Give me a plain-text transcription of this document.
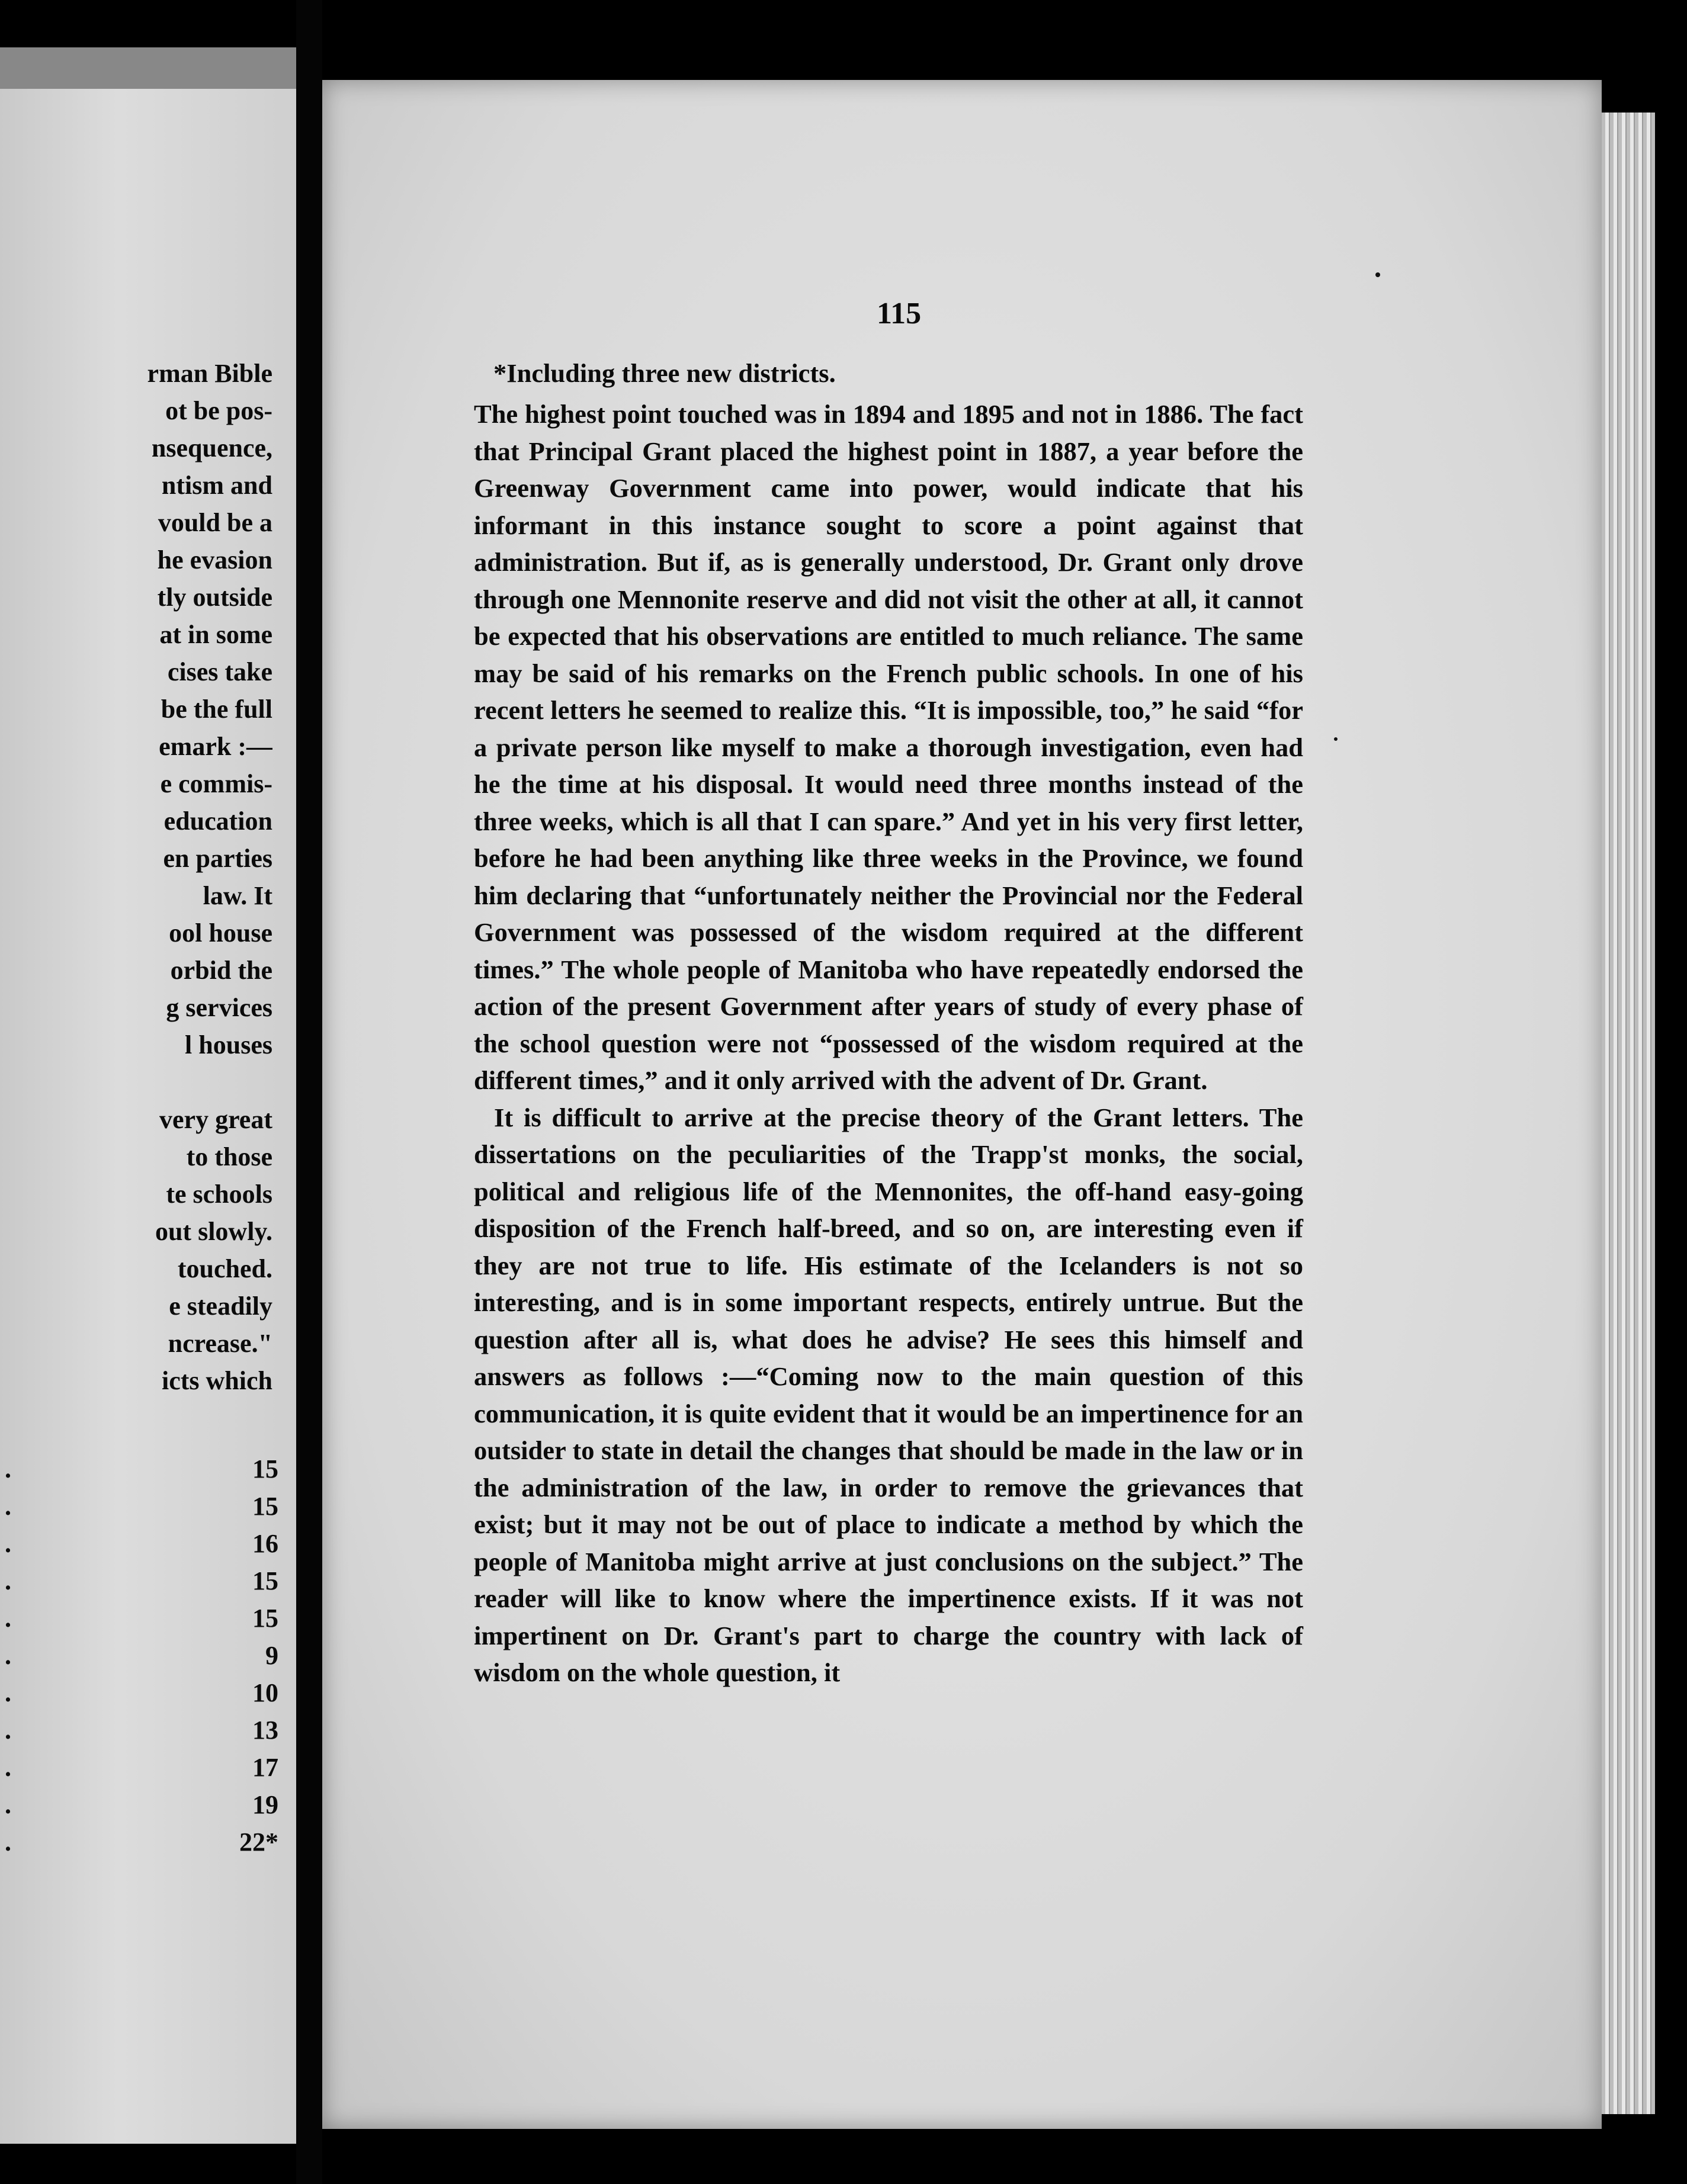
rman Bible
ot be pos-
nsequence,
ntism and
vould be a
he evasion
tly outside
at in some
cises take
be the full
emark :—
e commis-
education
en parties
law. It
ool house
orbid the
g services
l houses
very great
to those
te schools
out slowly.
touched.
e steadily
ncrease."
icts which
.	15
.	15
.	16
.	15
.	15
.	9
.	10
.	13
.	17
.	19
.	22*
115
*Including three new districts.

The highest point touched was in 1894 and 1895 and not in 1886. The fact that Principal Grant placed the highest point in 1887, a year before the Greenway Government came into power, would indicate that his informant in this instance sought to score a point against that administration. But if, as is generally understood, Dr. Grant only drove through one Mennonite reserve and did not visit the other at all, it cannot be expected that his observations are entitled to much reliance. The same may be said of his remarks on the French public schools. In one of his recent letters he seemed to realize this. “It is impossible, too,” he said “for a private person like myself to make a thorough investigation, even had he the time at his disposal. It would need three months instead of the three weeks, which is all that I can spare.” And yet in his very first letter, before he had been anything like three weeks in the Province, we found him declaring that “unfortunately neither the Provincial nor the Federal Government was possessed of the wisdom required at the different times.” The whole people of Manitoba who have repeatedly endorsed the action of the present Government after years of study of every phase of the school question were not “possessed of the wisdom required at the different times,” and it only arrived with the advent of Dr. Grant.

It is difficult to arrive at the precise theory of the Grant letters. The dissertations on the peculiarities of the Trapp'st monks, the social, political and religious life of the Mennonites, the off-hand easy-going disposition of the French half-breed, and so on, are interesting even if they are not true to life. His estimate of the Icelanders is not so interesting, and is in some important respects, entirely untrue. But the question after all is, what does he advise? He sees this himself and answers as follows :—“Coming now to the main question of this communication, it is quite evident that it would be an impertinence for an outsider to state in detail the changes that should be made in the law or in the administration of the law, in order to remove the grievances that exist; but it may not be out of place to indicate a method by which the people of Manitoba might arrive at just conclusions on the subject.” The reader will like to know where the impertinence exists. If it was not impertinent on Dr. Grant's part to charge the country with lack of wisdom on the whole question, it
